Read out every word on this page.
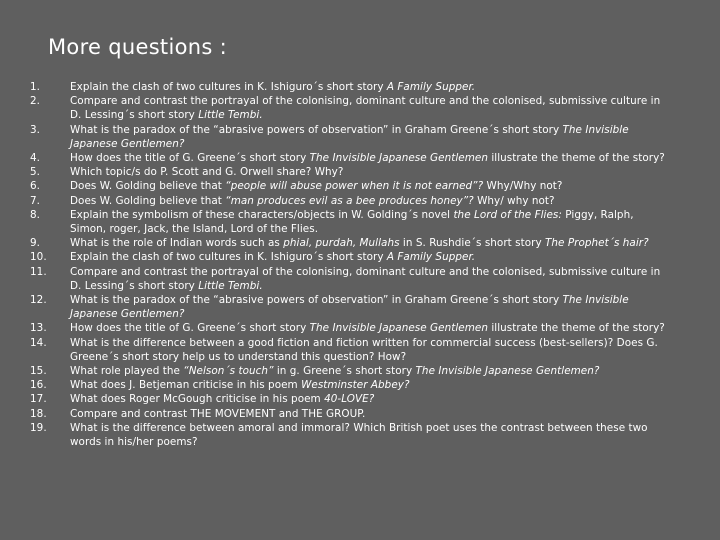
More questions :
1.	Explain the clash of two cultures in K. Ishiguro´s short story A Family Supper.
2.	Compare and contrast the portrayal of the colonising, dominant culture and the colonised, submissive culture in D. Lessing´s short story Little Tembi.
3.	What is the paradox of the “abrasive powers of observation” in Graham Greene´s short story The Invisible Japanese Gentlemen?
4.	How does the title of G. Greene´s short story The Invisible Japanese Gentlemen illustrate the theme of the story?
5.	Which topic/s do P. Scott and G. Orwell share? Why?
6.	Does W. Golding believe that “people will abuse power when it is not earned”? Why/Why not?
7.	Does W. Golding believe that “man produces evil as a bee produces honey”? Why/ why not?
8.	Explain the symbolism of these characters/objects in W. Golding´s novel the Lord of the Flies: Piggy, Ralph, Simon, roger, Jack, the Island, Lord of the Flies.
9.	What is the role of Indian words such as phial, purdah, Mullahs in S. Rushdie´s short story The Prophet´s hair?
10. Explain the clash of two cultures in K. Ishiguro´s short story A Family Supper.
11. Compare and contrast the portrayal of the colonising, dominant culture and the colonised, submissive culture in D. Lessing´s short story Little Tembi.
12. What is the paradox of the “abrasive powers of observation” in Graham Greene´s short story The Invisible Japanese Gentlemen?
13. How does the title of G. Greene´s short story The Invisible Japanese Gentlemen illustrate the theme of the story?
14. What is the difference between a good fiction and fiction written for commercial success (best-sellers)? Does G. Greene´s short story help us to understand this question? How?
15. What role played the “Nelson´s touch” in g. Greene´s short story The Invisible Japanese Gentlemen?
16. What does J. Betjeman criticise in his poem Westminster Abbey?
17. What does Roger McGough criticise in his poem 40-LOVE?
18. Compare and contrast THE MOVEMENT and THE GROUP.
19. What is the difference between amoral and immoral? Which British poet uses the contrast between these two words in his/her poems?
